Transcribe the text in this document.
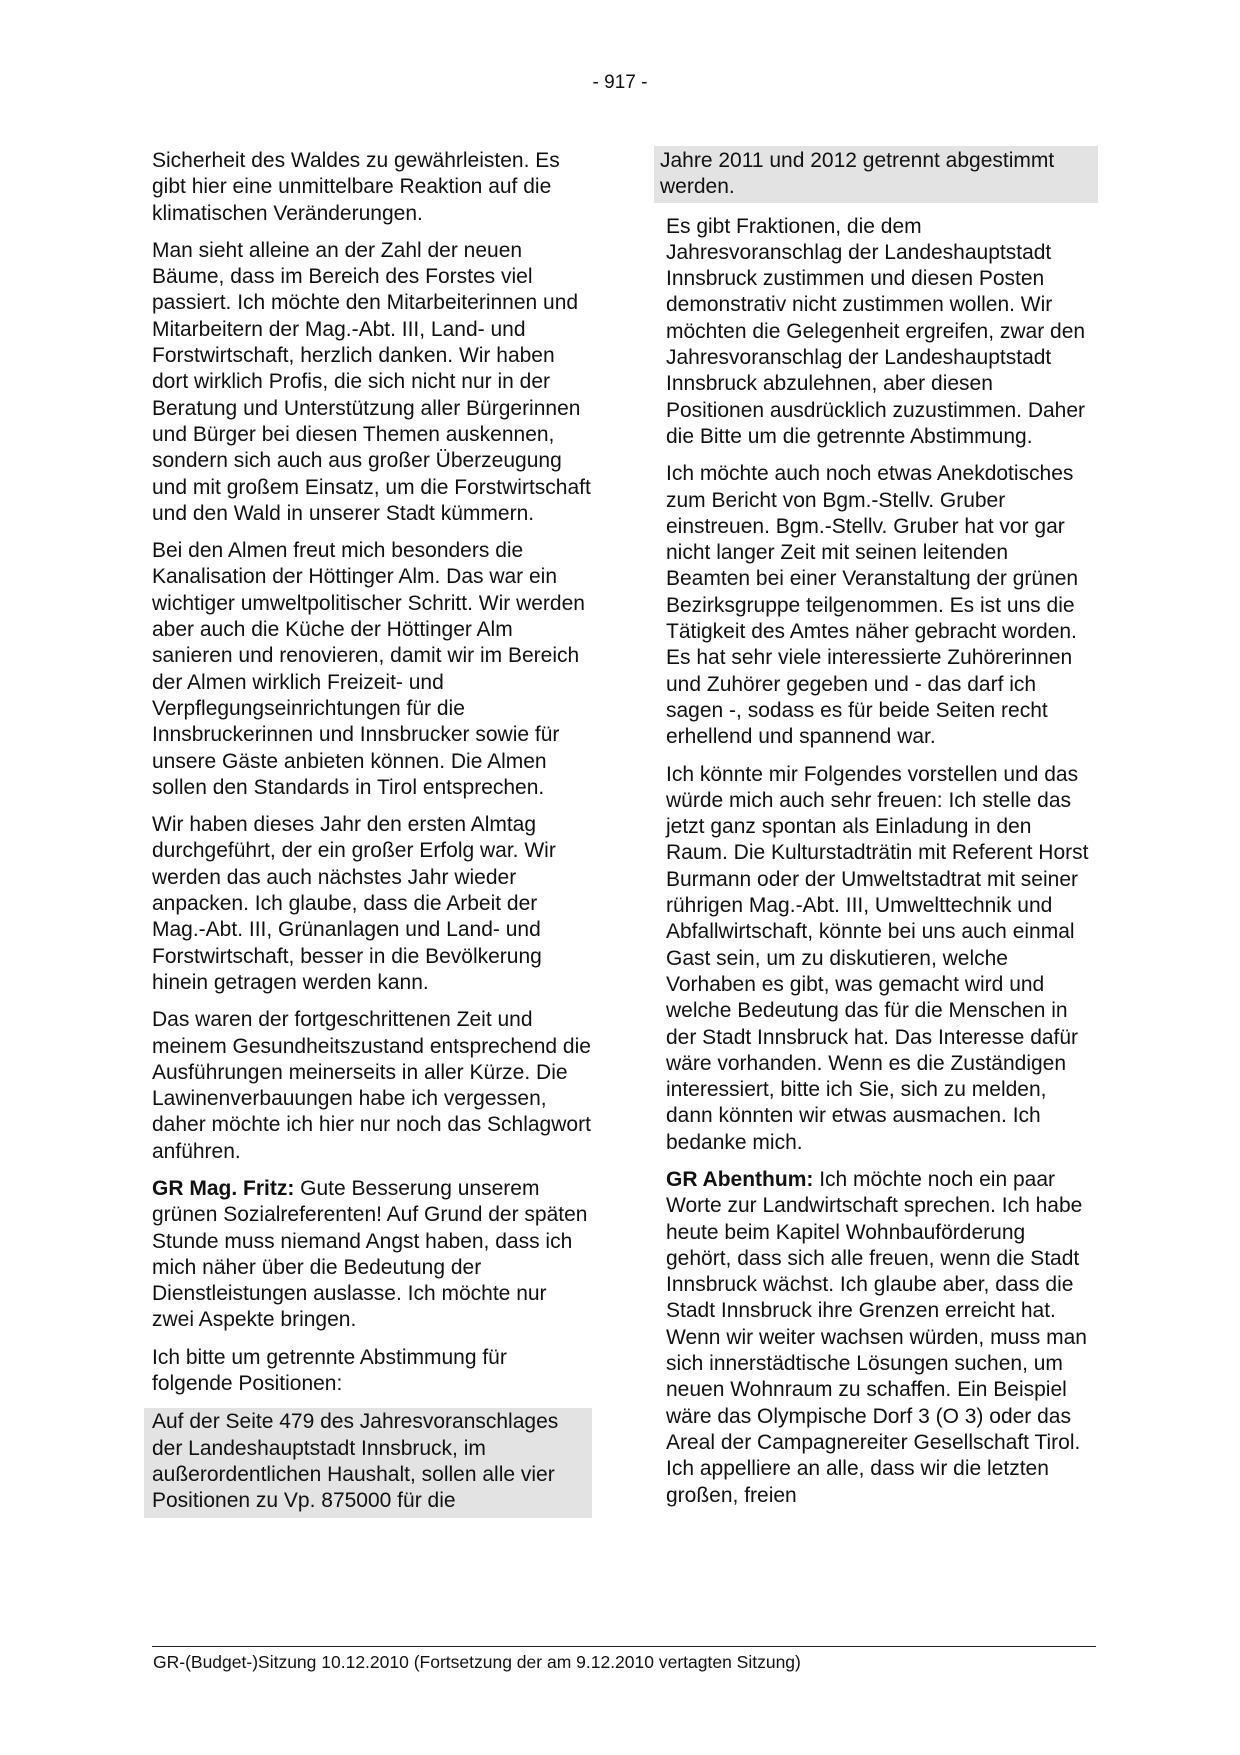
- 917 -

Sicherheit des Waldes zu gewährleisten. Es gibt hier eine unmittelbare Reaktion auf die klimatischen Veränderungen.

Man sieht alleine an der Zahl der neuen Bäume, dass im Bereich des Forstes viel passiert. Ich möchte den Mitarbeiterinnen und Mitarbeitern der Mag.-Abt. III, Land- und Forstwirtschaft, herzlich danken. Wir haben dort wirklich Profis, die sich nicht nur in der Beratung und Unterstützung aller Bürgerinnen und Bürger bei diesen Themen auskennen, sondern sich auch aus großer Überzeugung und mit großem Einsatz, um die Forstwirtschaft und den Wald in unserer Stadt kümmern.

Bei den Almen freut mich besonders die Kanalisation der Höttinger Alm. Das war ein wichtiger umweltpolitischer Schritt. Wir werden aber auch die Küche der Höttinger Alm sanieren und renovieren, damit wir im Bereich der Almen wirklich Freizeit- und Verpflegungseinrichtungen für die Innsbruckerinnen und Innsbrucker sowie für unsere Gäste anbieten können. Die Almen sollen den Standards in Tirol entsprechen.

Wir haben dieses Jahr den ersten Almtag durchgeführt, der ein großer Erfolg war. Wir werden das auch nächstes Jahr wieder anpacken. Ich glaube, dass die Arbeit der Mag.-Abt. III, Grünanlagen und Land- und Forstwirtschaft, besser in die Bevölkerung hinein getragen werden kann.

Das waren der fortgeschrittenen Zeit und meinem Gesundheitszustand entsprechend die Ausführungen meinerseits in aller Kürze. Die Lawinenverbauungen habe ich vergessen, daher möchte ich hier nur noch das Schlagwort anführen.

GR Mag. Fritz: Gute Besserung unserem grünen Sozialreferenten! Auf Grund der späten Stunde muss niemand Angst haben, dass ich mich näher über die Bedeutung der Dienstleistungen auslasse. Ich möchte nur zwei Aspekte bringen.

Ich bitte um getrennte Abstimmung für folgende Positionen:

Auf der Seite 479 des Jahresvoranschlages der Landeshauptstadt Innsbruck, im außerordentlichen Haushalt, sollen alle vier Positionen zu Vp. 875000 für die
Jahre 2011 und 2012 getrennt abgestimmt werden.

Es gibt Fraktionen, die dem Jahresvoranschlag der Landeshauptstadt Innsbruck zustimmen und diesen Posten demonstrativ nicht zustimmen wollen. Wir möchten die Gelegenheit ergreifen, zwar den Jahresvoranschlag der Landeshauptstadt Innsbruck abzulehnen, aber diesen Positionen ausdrücklich zuzustimmen. Daher die Bitte um die getrennte Abstimmung.

Ich möchte auch noch etwas Anekdotisches zum Bericht von Bgm.-Stellv. Gruber einstreuen. Bgm.-Stellv. Gruber hat vor gar nicht langer Zeit mit seinen leitenden Beamten bei einer Veranstaltung der grünen Bezirksgruppe teilgenommen. Es ist uns die Tätigkeit des Amtes näher gebracht worden. Es hat sehr viele interessierte Zuhörerinnen und Zuhörer gegeben und - das darf ich sagen -, sodass es für beide Seiten recht erhellend und spannend war.

Ich könnte mir Folgendes vorstellen und das würde mich auch sehr freuen: Ich stelle das jetzt ganz spontan als Einladung in den Raum. Die Kulturstadträtin mit Referent Horst Burmann oder der Umweltstadtrat mit seiner rührigen Mag.-Abt. III, Umwelttechnik und Abfallwirtschaft, könnte bei uns auch einmal Gast sein, um zu diskutieren, welche Vorhaben es gibt, was gemacht wird und welche Bedeutung das für die Menschen in der Stadt Innsbruck hat. Das Interesse dafür wäre vorhanden. Wenn es die Zuständigen interessiert, bitte ich Sie, sich zu melden, dann könnten wir etwas ausmachen. Ich bedanke mich.

GR Abenthum: Ich möchte noch ein paar Worte zur Landwirtschaft sprechen. Ich habe heute beim Kapitel Wohnbauförderung gehört, dass sich alle freuen, wenn die Stadt Innsbruck wächst. Ich glaube aber, dass die Stadt Innsbruck ihre Grenzen erreicht hat. Wenn wir weiter wachsen würden, muss man sich innerstädtische Lösungen suchen, um neuen Wohnraum zu schaffen. Ein Beispiel wäre das Olympische Dorf 3 (O 3) oder das Areal der Campagnereiter Gesellschaft Tirol. Ich appelliere an alle, dass wir die letzten großen, freien

GR-(Budget-)Sitzung 10.12.2010 (Fortsetzung der am 9.12.2010 vertagten Sitzung)
